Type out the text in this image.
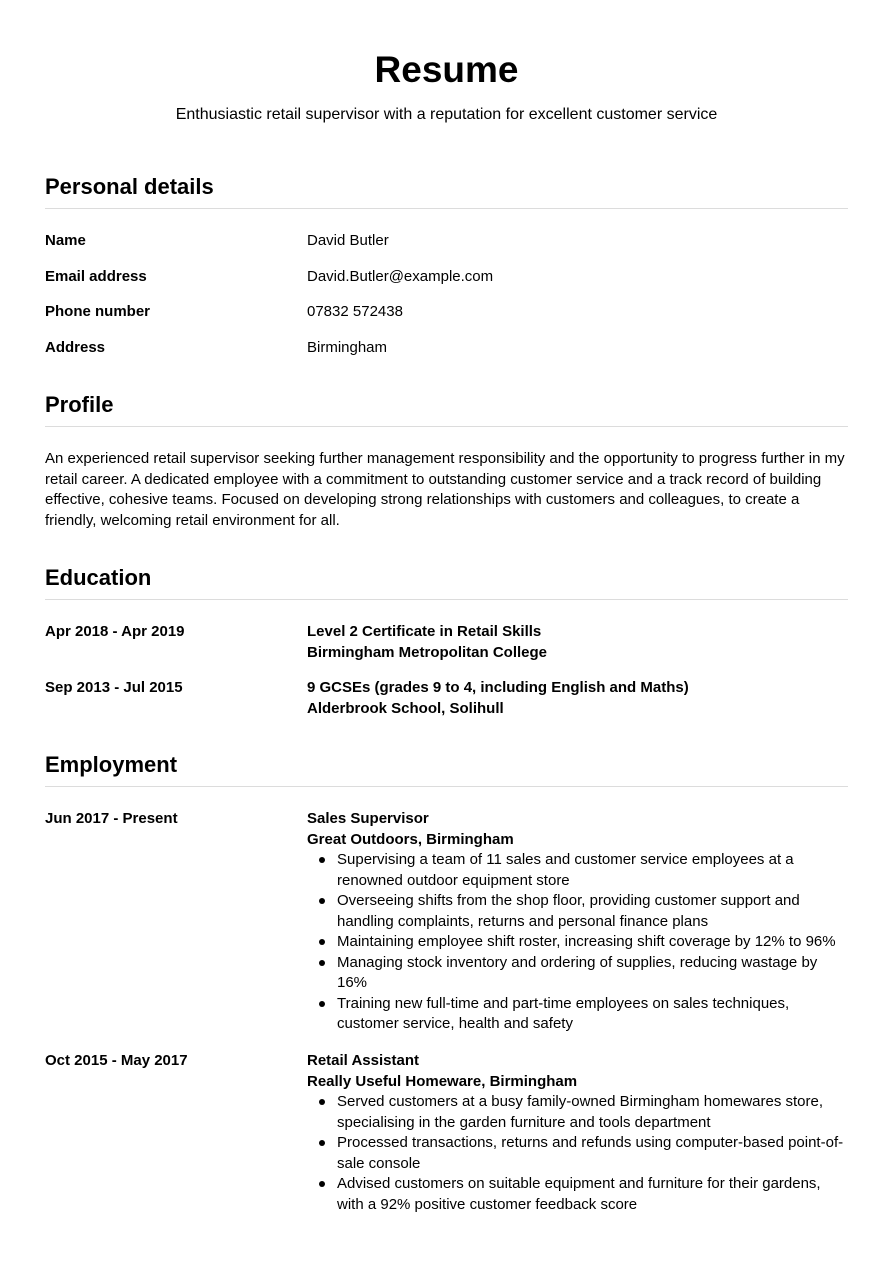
Resume
Enthusiastic retail supervisor with a reputation for excellent customer service
Personal details
Name	David Butler
Email address	David.Butler@example.com
Phone number	07832 572438
Address	Birmingham
Profile
An experienced retail supervisor seeking further management responsibility and the opportunity to progress further in my retail career. A dedicated employee with a commitment to outstanding customer service and a track record of building effective, cohesive teams. Focused on developing strong relationships with customers and colleagues, to create a friendly, welcoming retail environment for all.
Education
Apr 2018 - Apr 2019	Level 2 Certificate in Retail Skills
Birmingham Metropolitan College
Sep 2013 - Jul 2015	9 GCSEs (grades 9 to 4, including English and Maths)
Alderbrook School, Solihull
Employment
Jun 2017 - Present	Sales Supervisor
Great Outdoors, Birmingham
Supervising a team of 11 sales and customer service employees at a renowned outdoor equipment store
Overseeing shifts from the shop floor, providing customer support and handling complaints, returns and personal finance plans
Maintaining employee shift roster, increasing shift coverage by 12% to 96%
Managing stock inventory and ordering of supplies, reducing wastage by 16%
Training new full-time and part-time employees on sales techniques, customer service, health and safety
Oct 2015 - May 2017	Retail Assistant
Really Useful Homeware, Birmingham
Served customers at a busy family-owned Birmingham homewares store, specialising in the garden furniture and tools department
Processed transactions, returns and refunds using computer-based point-of-sale console
Advised customers on suitable equipment and furniture for their gardens, with a 92% positive customer feedback score
